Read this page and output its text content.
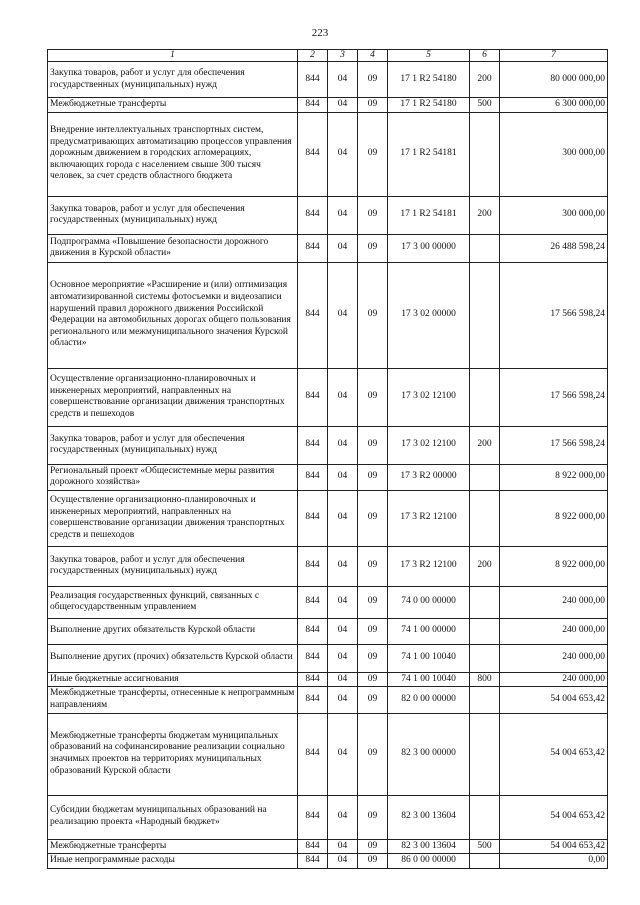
223
1	2	3	4	5	6	7
Закупка товаров, работ и услуг для обеспечения государственных (муниципальных) нужд	844	04	09	17 1 R2 54180	200	80 000 000,00
Межбюджетные трансферты	844	04	09	17 1 R2 54180	500	6 300 000,00
Внедрение интеллектуальных транспортных систем, предусматривающих автоматизацию процессов управления дорожным движением в городских агломерациях, включающих города с населением свыше 300 тысяч человек, за счет средств областного бюджета	844	04	09	17 1 R2 54181		300 000,00
Закупка товаров, работ и услуг для обеспечения государственных (муниципальных) нужд	844	04	09	17 1 R2 54181	200	300 000,00
Подпрограмма «Повышение безопасности дорожного движения в Курской области»	844	04	09	17 3 00 00000		26 488 598,24
Основное мероприятие «Расширение и (или) оптимизация автоматизированной системы фотосъемки и видеозаписи нарушений правил дорожного движения Российской Федерации на автомобильных дорогах общего пользования регионального или межмуниципального значения Курской области»	844	04	09	17 3 02 00000		17 566 598,24
Осуществление организационно-планировочных и инженерных мероприятий, направленных на совершенствование организации движения транспортных средств и пешеходов	844	04	09	17 3 02 12100		17 566 598,24
Закупка товаров, работ и услуг для обеспечения государственных (муниципальных) нужд	844	04	09	17 3 02 12100	200	17 566 598,24
Региональный проект «Общесистемные меры развития дорожного хозяйства»	844	04	09	17 3 R2 00000		8 922 000,00
Осуществление организационно-планировочных и инженерных мероприятий, направленных на совершенствование организации движения транспортных средств и пешеходов	844	04	09	17 3 R2 12100		8 922 000,00
Закупка товаров, работ и услуг для обеспечения государственных (муниципальных) нужд	844	04	09	17 3 R2 12100	200	8 922 000,00
Реализация государственных функций, связанных с общегосударственным управлением	844	04	09	74 0 00 00000		240 000,00
Выполнение других обязательств Курской области	844	04	09	74 1 00 00000		240 000,00
Выполнение других (прочих) обязательств Курской области	844	04	09	74 1 00 10040		240 000,00
Иные бюджетные ассигнования	844	04	09	74 1 00 10040	800	240 000,00
Межбюджетные трансферты, отнесенные к непрограммным направлениям	844	04	09	82 0 00 00000		54 004 653,42
Межбюджетные трансферты бюджетам муниципальных образований на софинансирование реализации социально значимых проектов на территориях муниципальных образований Курской области	844	04	09	82 3 00 00000		54 004 653,42
Субсидии бюджетам муниципальных образований на реализацию проекта «Народный бюджет»	844	04	09	82 3 00 13604		54 004 653,42
Межбюджетные трансферты	844	04	09	82 3 00 13604	500	54 004 653,42
Иные непрограммные расходы	844	04	09	86 0 00 00000		0,00
